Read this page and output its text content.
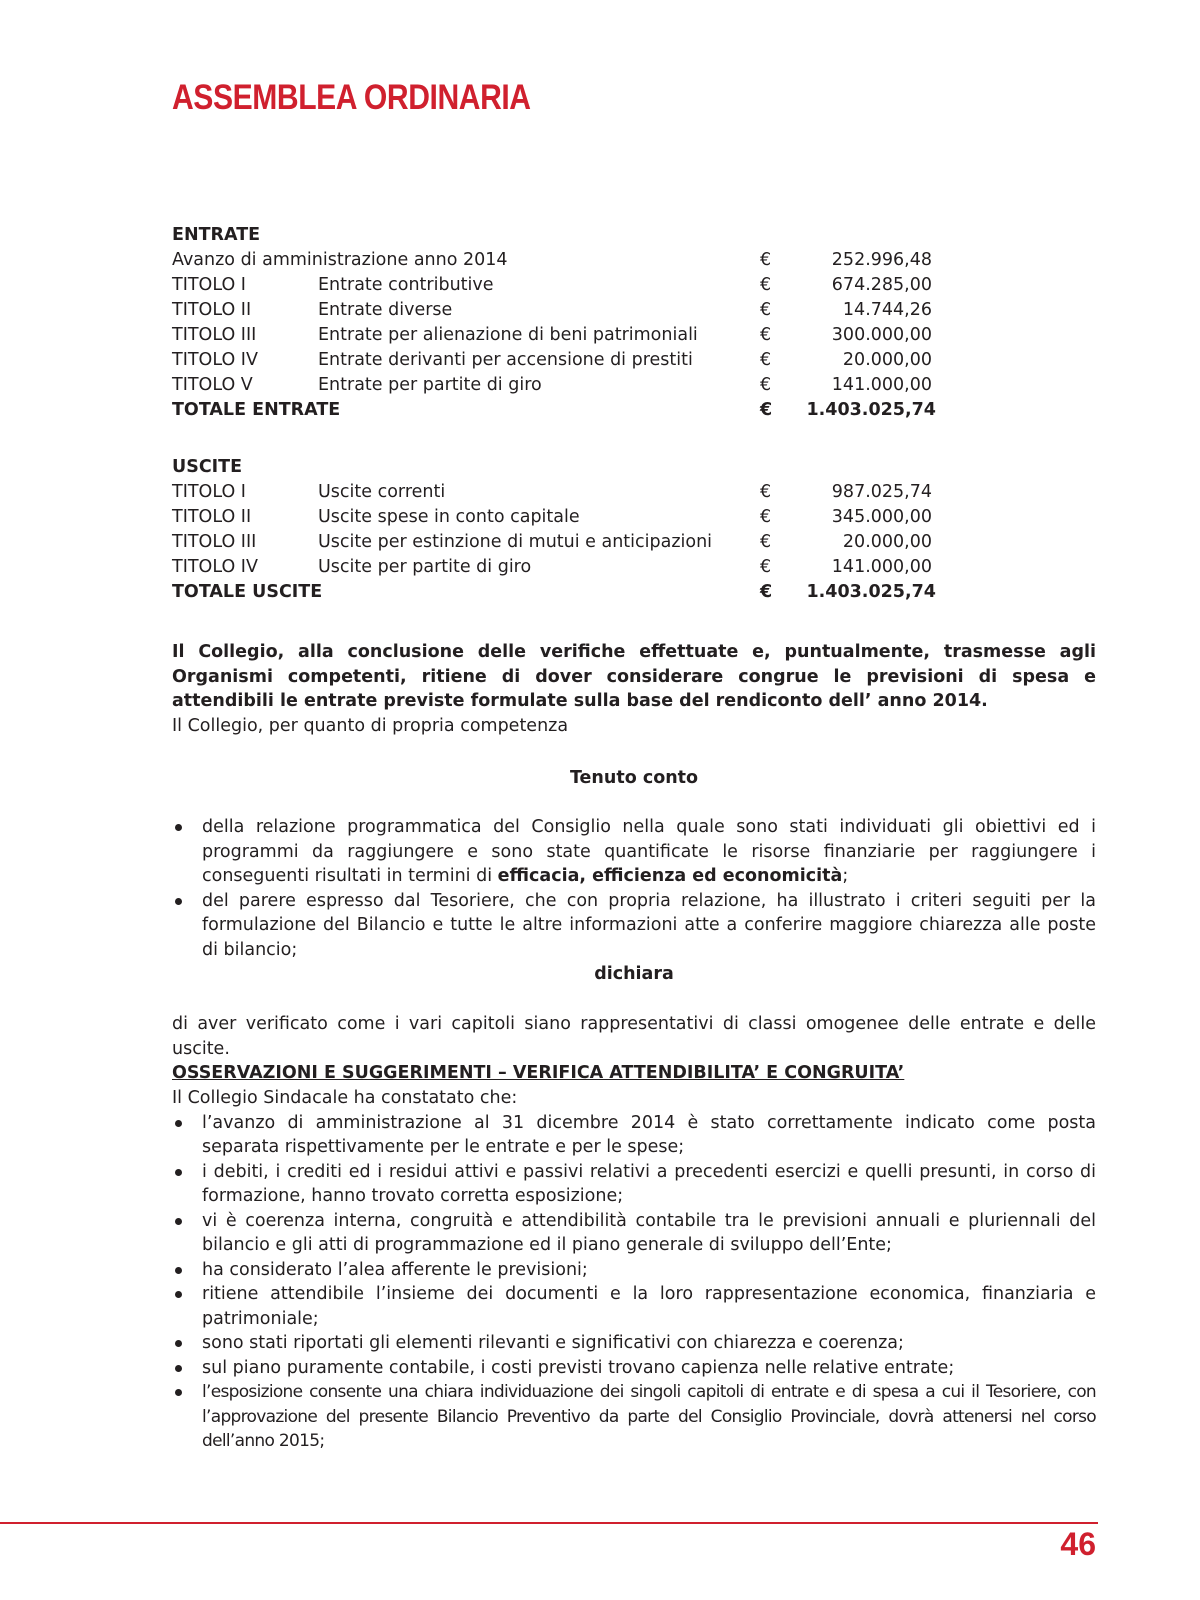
ASSEMBLEA ORDINARIA
ENTRATE
Avanzo di amministrazione anno 2014	€	252.996,48
TITOLO I	Entrate contributive	€	674.285,00
TITOLO II	Entrate diverse	€	14.744,26
TITOLO III	Entrate per alienazione di beni patrimoniali	€	300.000,00
TITOLO IV	Entrate derivanti per accensione di prestiti	€	20.000,00
TITOLO V	Entrate per partite di giro	€	141.000,00
TOTALE ENTRATE	€	1.403.025,74
USCITE
TITOLO I	Uscite correnti	€	987.025,74
TITOLO II	Uscite spese in conto capitale	€	345.000,00
TITOLO III	Uscite per estinzione di mutui e anticipazioni	€	20.000,00
TITOLO IV	Uscite per partite di giro	€	141.000,00
TOTALE USCITE	€	1.403.025,74

Il Collegio, alla conclusione delle verifiche effettuate e, puntualmente, trasmesse agli Organismi competenti, ritiene di dover considerare congrue le previsioni di spesa e attendibili le entrate previste formulate sulla base del rendiconto dell’ anno 2014.

Il Collegio, per quanto di propria competenza

Tenuto conto

della relazione programmatica del Consiglio nella quale sono stati individuati gli obiettivi ed i programmi da raggiungere e sono state quantificate le risorse finanziarie per raggiungere i conseguenti risultati in termini di efficacia, efficienza ed economicità;
del parere espresso dal Tesoriere, che con propria relazione, ha illustrato i criteri seguiti per la formulazione del Bilancio e tutte le altre informazioni atte a conferire maggiore chiarezza alle poste di bilancio;

dichiara

di aver verificato come i vari capitoli siano rappresentativi di classi omogenee delle entrate e delle uscite.

OSSERVAZIONI E SUGGERIMENTI – VERIFICA ATTENDIBILITA’ E CONGRUITA’

Il Collegio Sindacale ha constatato che:

l’avanzo di amministrazione al 31 dicembre 2014 è stato correttamente indicato come posta separata rispettivamente per le entrate e per le spese;
i debiti, i crediti ed i residui attivi e passivi relativi a precedenti esercizi e quelli presunti, in corso di formazione, hanno trovato corretta esposizione;
vi è coerenza interna, congruità e attendibilità contabile tra le previsioni annuali e pluriennali del bilancio e gli atti di programmazione ed il piano generale di sviluppo dell’Ente;
ha considerato l’alea afferente le previsioni;
ritiene attendibile l’insieme dei documenti e la loro rappresentazione economica, finanziaria e patrimoniale;
sono stati riportati gli elementi rilevanti e significativi con chiarezza e coerenza;
sul piano puramente contabile, i costi previsti trovano capienza nelle relative entrate;
l’esposizione consente una chiara individuazione dei singoli capitoli di entrate e di spesa a cui il Tesoriere, con l’approvazione del presente Bilancio Preventivo da parte del Consiglio Provinciale, dovrà attenersi nel corso dell’anno 2015;
46
